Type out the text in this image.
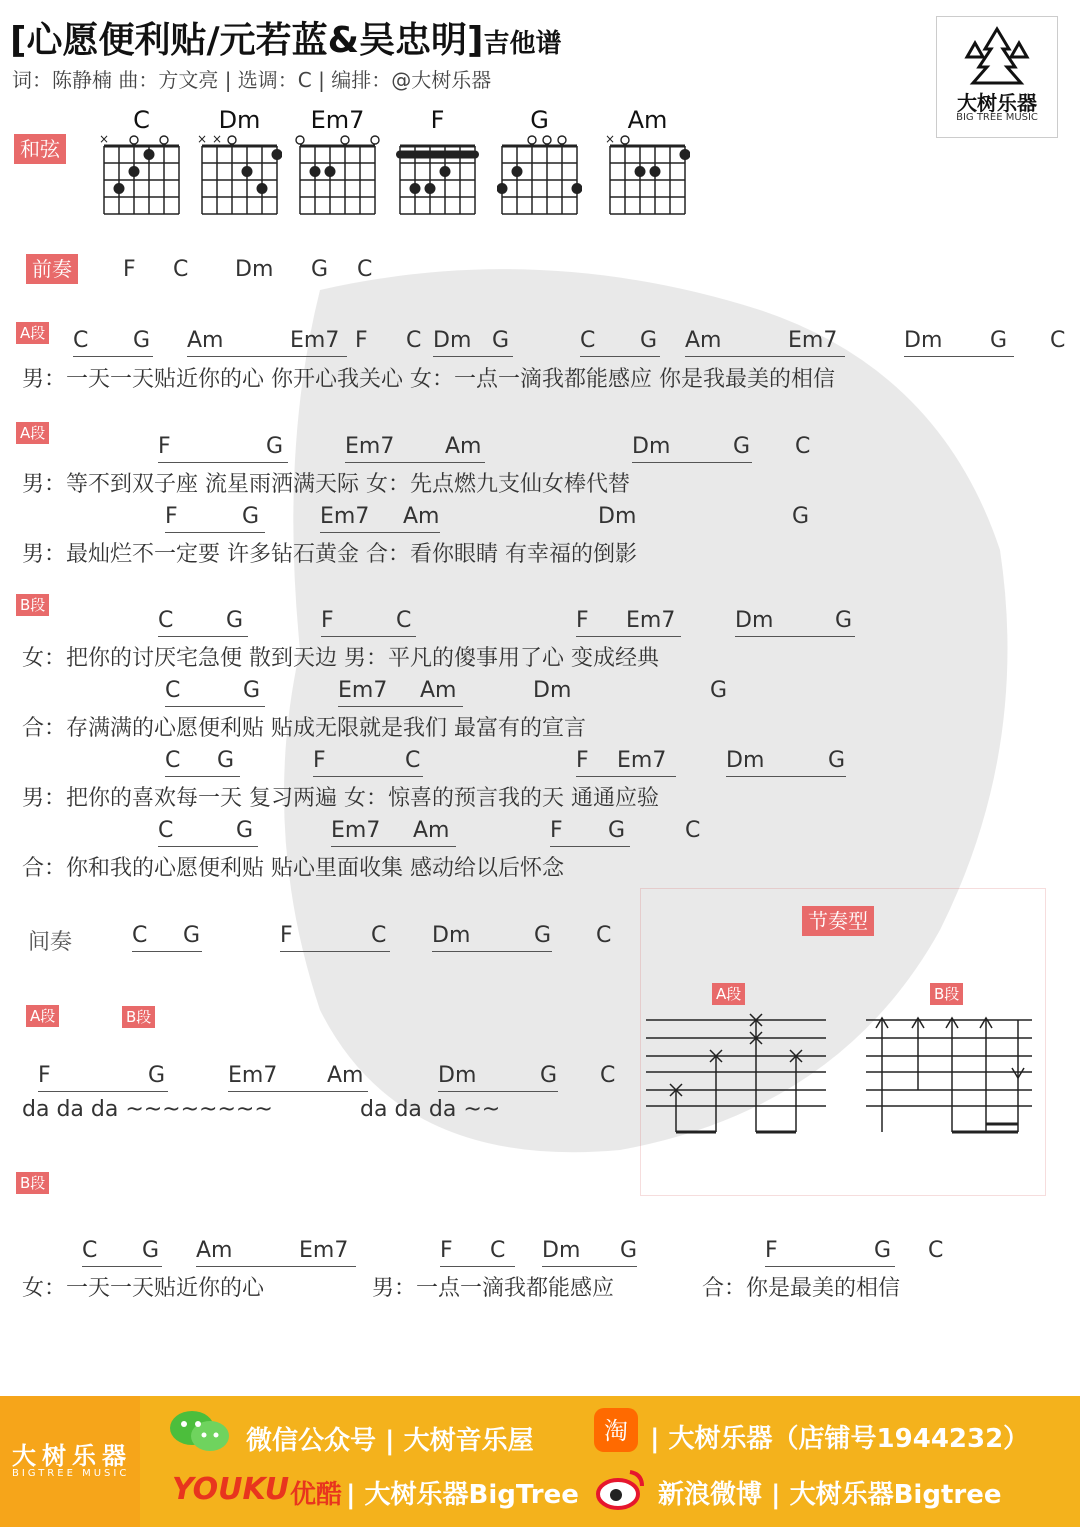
[心愿便利贴/元若蓝&吴忠明]吉他谱
词：陈静楠 曲：方文亮 | 选调：C | 编排：@大树乐器
大树乐器
BIG TREE MUSIC
和弦
C
×
Dm
× ×
Em7	F	G	Am
×
前奏 F C Dm G C
A段 C G Am	Em7 F C Dm G	C G Am	Em7	Dm G C
男：一天一天贴近你的心 你开心我关心 女：一点一滴我都能感应 你是我最美的相信
A段
F	G	Em7 Am	Dm	G C
男：等不到双子座 流星雨洒满天际 女：先点燃九支仙女棒代替
F	G	Em7 Am	Dm	G
男：最灿烂不一定要 许多钻石黄金 合：看你眼睛 有幸福的倒影
B段
C G	F	C	F Em7	Dm	G
女：把你的讨厌宅急便 散到天边 男：平凡的傻事用了心 变成经典
C	G	Em7 Am	Dm	G
合：存满满的心愿便利贴 贴成无限就是我们 最富有的宣言
C G	F	C	F Em7	Dm	G
男：把你的喜欢每一天 复习两遍 女：惊喜的预言我的天 通通应验
C	G	Em7 Am	F G	C
合：你和我的心愿便利贴 贴心里面收集 感动给以后怀念
间奏	C G	F	C Dm	G C
A段	B段
F	G	Em7 Am	Dm	G C
da da da ~~~~~~~~	da da da ~~
节奏型
A段	B段
B段
C G Am	Em7	F C Dm G	F	G C
女：一天一天贴近你的心	男：一点一滴我都能感应	合：你是最美的相信
大树乐器
BIGTREE MUSIC
微信公众号 | 大树音乐屋	淘 | 大树乐器（店铺号1944232）
YOUKU 优酷 | 大树乐器BigTree	新浪微博 | 大树乐器Bigtree
